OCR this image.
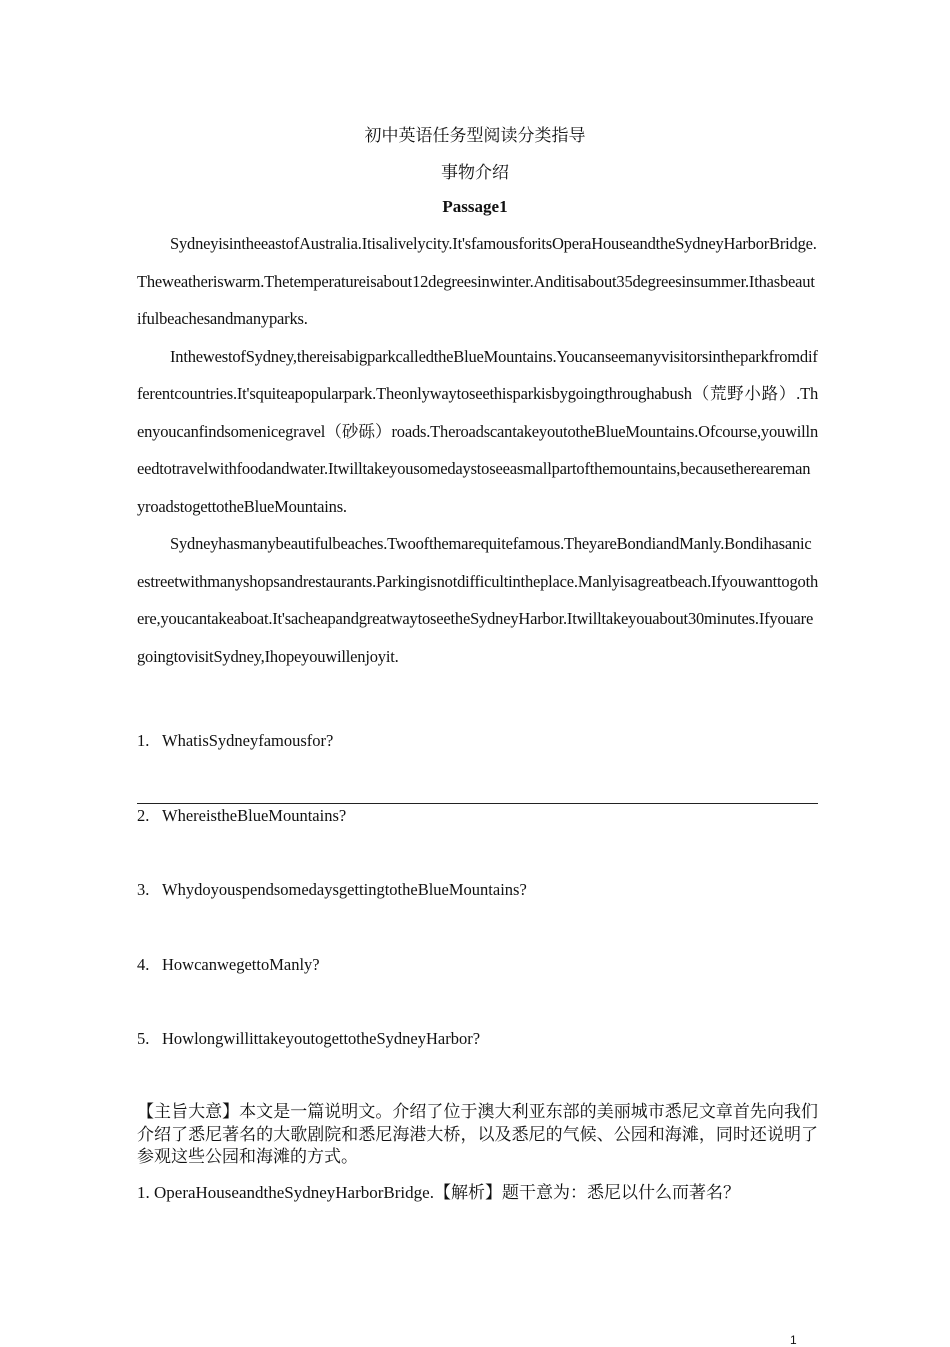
初中英语任务型阅读分类指导
事物介绍
Passage1

SydneyisintheeastofAustralia.Itisalivelycity.It'sfamousforitsOperaHouseandtheSydneyHarborBridge.Theweatheriswarm.Thetemperatureisabout12degreesinwinter.Anditisabout35degreesinsummer.Ithasbeautifulbeachesandmanyparks.

InthewestofSydney,thereisabigparkcalledtheBlueMountains.Youcanseemanyvisitorsintheparkfromdifferentcountries.It'squiteapopularpark.Theonlywaytoseethisparkisbygoingthroughabush（荒野小路）.Thenyoucanfindsomenicegravel（砂砾）roads.TheroadscantakeyoutotheBlueMountains.Ofcourse,youwillneedtotravelwithfoodandwater.Itwilltakeyousomedaystoseeasmallpartofthemountains,becausetherearemanyroadstogettotheBlueMountains.

Sydneyhasmanybeautifulbeaches.Twoofthemarequitefamous.TheyareBondiandManly.Bondihasanicestreetwithmanyshopsandrestaurants.Parkingisnotdifficultintheplace.Manlyisagreatbeach.Ifyouwanttogothere,youcantakeaboat.It'sacheapandgreatwaytoseetheSydneyHarbor.Itwilltakeyouabout30minutes.IfyouaregoingtovisitSydney,Ihopeyouwillenjoyit.

1. WhatisSydneyfamousfor?
2. WhereistheBlueMountains?
3. WhydoyouspendsomedaysgettingtotheBlueMountains?
4. HowcanwegettoManly?
5. HowlongwillittakeyoutogettotheSydneyHarbor?
【主旨大意】本文是一篇说明文。介绍了位于澳大利亚东部的美丽城市悉尼文章首先向我们介绍了悉尼著名的大歌剧院和悉尼海港大桥，以及悉尼的气候、公园和海滩，同时还说明了参观这些公园和海滩的方式。
1. OperaHouseandtheSydneyHarborBridge.【解析】题干意为：悉尼以什么而著名？
1
